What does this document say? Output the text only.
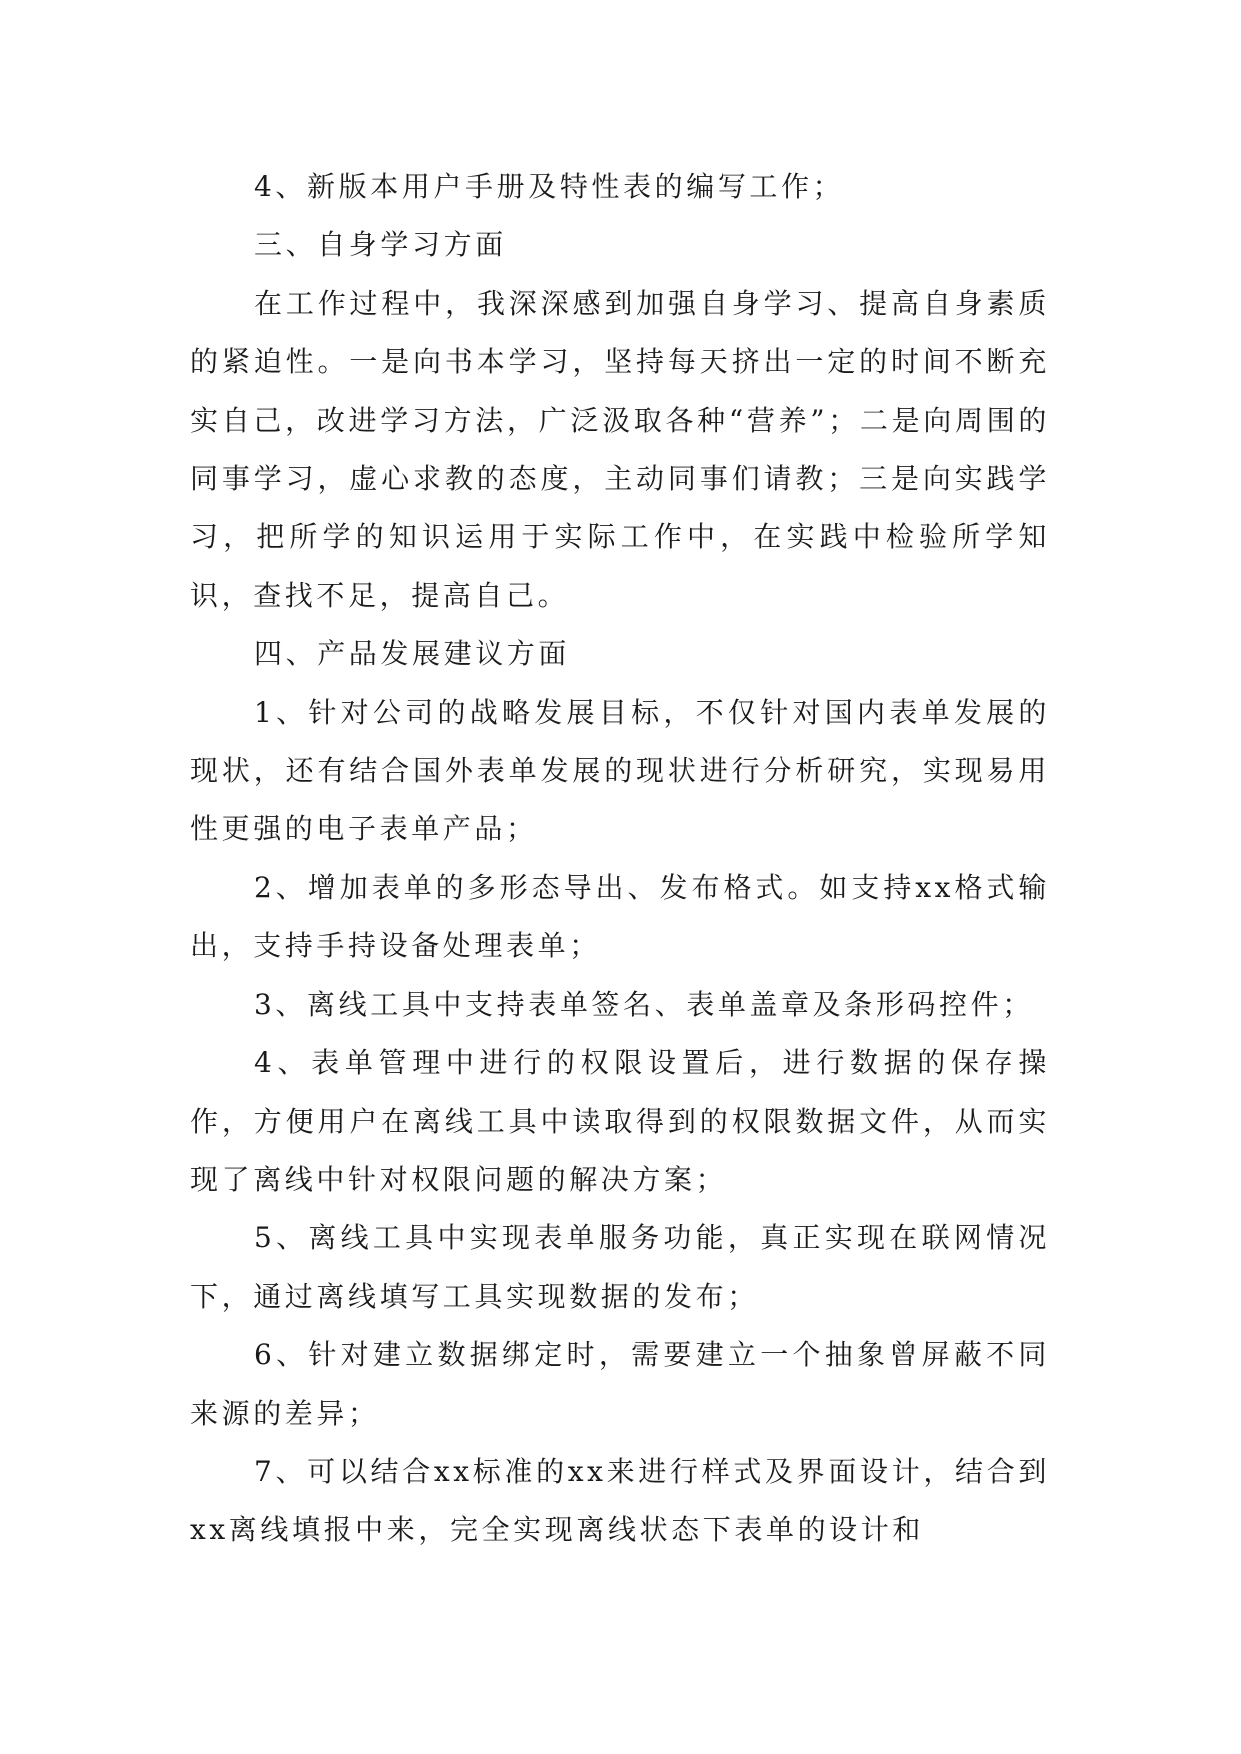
4、新版本用户手册及特性表的编写工作；

三、自身学习方面

在工作过程中，我深深感到加强自身学习、提高自身素质的紧迫性。一是向书本学习，坚持每天挤出一定的时间不断充实自己，改进学习方法，广泛汲取各种“营养”；二是向周围的同事学习，虚心求教的态度，主动同事们请教；三是向实践学习，把所学的知识运用于实际工作中，在实践中检验所学知识，查找不足，提高自己。

四、产品发展建议方面

1、针对公司的战略发展目标，不仅针对国内表单发展的现状，还有结合国外表单发展的现状进行分析研究，实现易用性更强的电子表单产品；

2、增加表单的多形态导出、发布格式。如支持xx格式输出，支持手持设备处理表单；

3、离线工具中支持表单签名、表单盖章及条形码控件；

4、表单管理中进行的权限设置后，进行数据的保存操作，方便用户在离线工具中读取得到的权限数据文件，从而实现了离线中针对权限问题的解决方案；

5、离线工具中实现表单服务功能，真正实现在联网情况下，通过离线填写工具实现数据的发布；

6、针对建立数据绑定时，需要建立一个抽象曾屏蔽不同来源的差异；

7、可以结合xx标准的xx来进行样式及界面设计，结合到xx离线填报中来，完全实现离线状态下表单的设计和
